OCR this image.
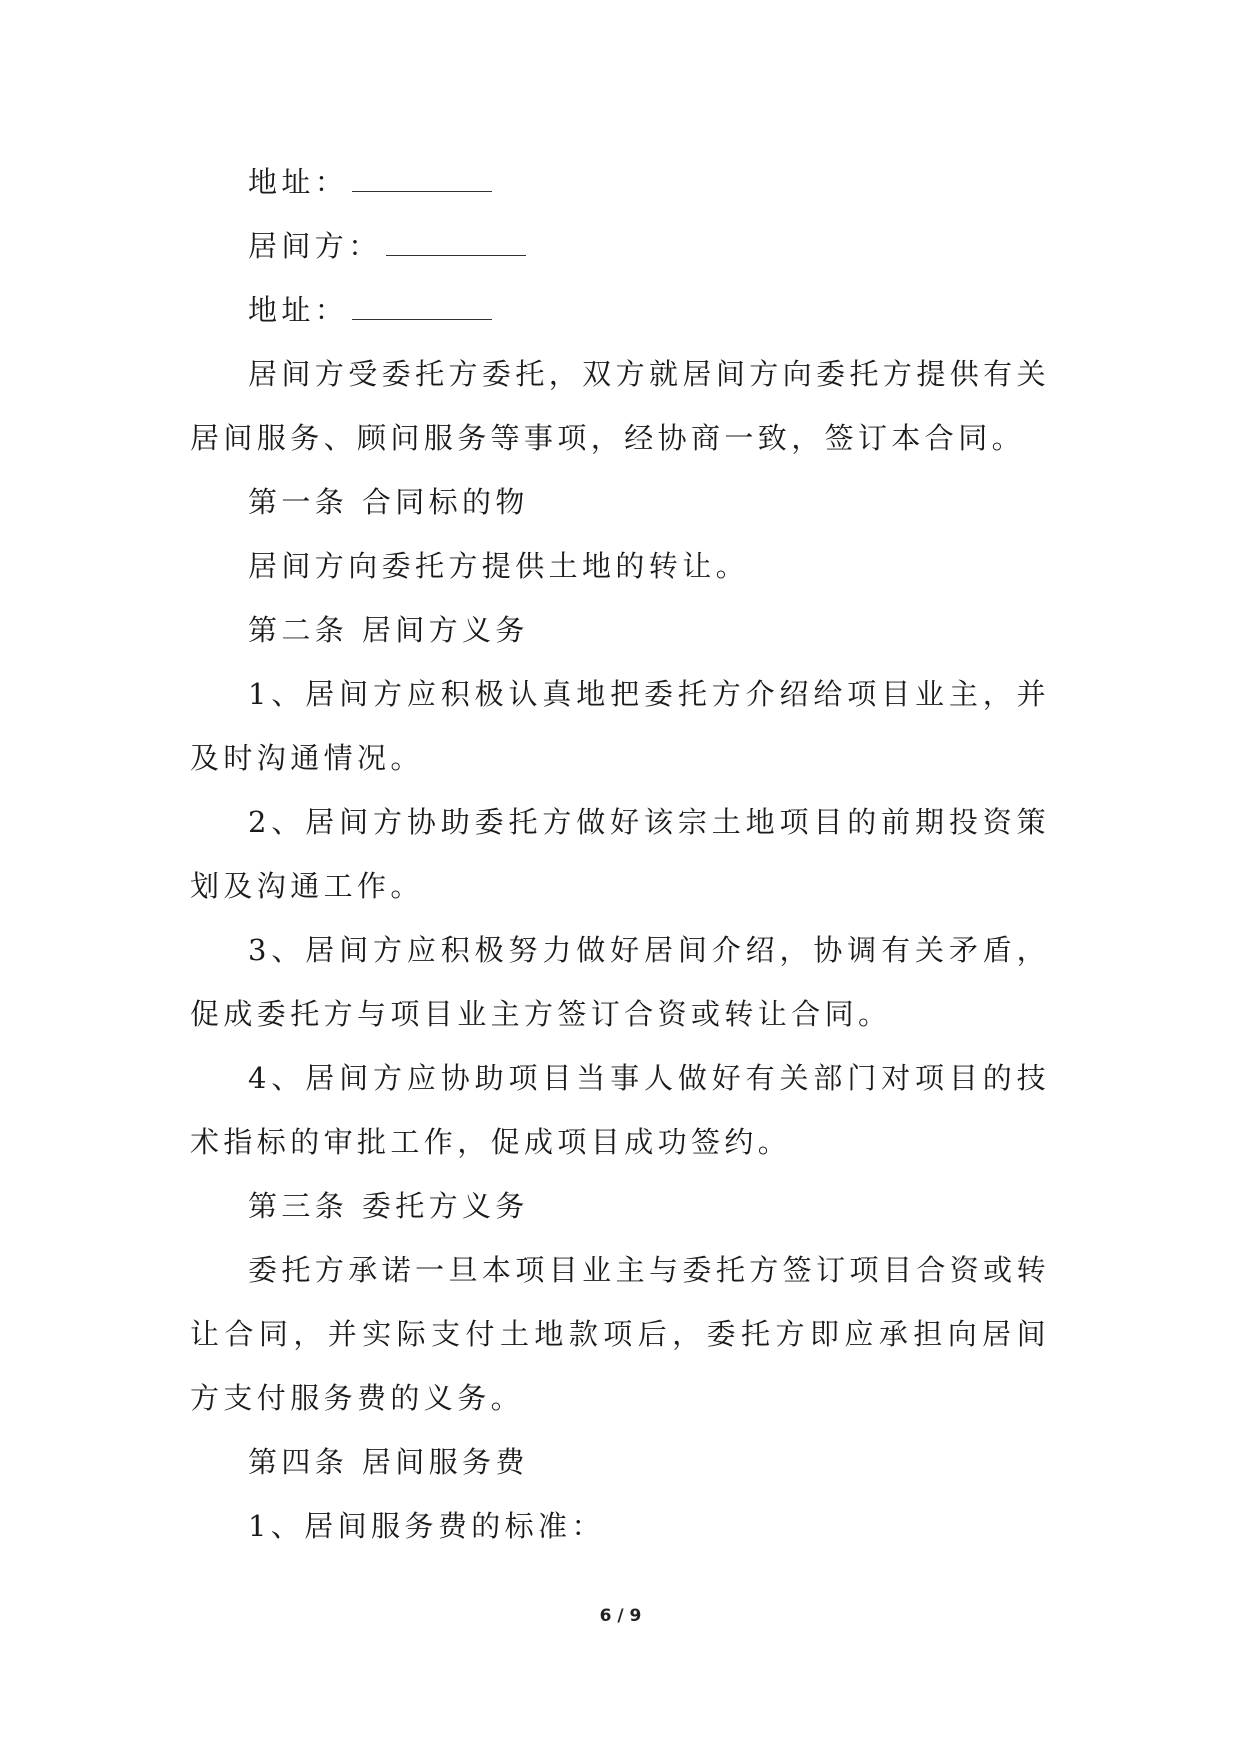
地址：

居间方：

地址：

居间方受委托方委托，双方就居间方向委托方提供有关居间服务、顾问服务等事项，经协商一致，签订本合同。

第一条 合同标的物

居间方向委托方提供土地的转让。

第二条 居间方义务

1、居间方应积极认真地把委托方介绍给项目业主，并及时沟通情况。

2、居间方协助委托方做好该宗土地项目的前期投资策划及沟通工作。

3、居间方应积极努力做好居间介绍，协调有关矛盾，促成委托方与项目业主方签订合资或转让合同。

4、居间方应协助项目当事人做好有关部门对项目的技术指标的审批工作，促成项目成功签约。

第三条 委托方义务

委托方承诺一旦本项目业主与委托方签订项目合资或转让合同，并实际支付土地款项后，委托方即应承担向居间方支付服务费的义务。

第四条 居间服务费

1、居间服务费的标准：

6 / 9
